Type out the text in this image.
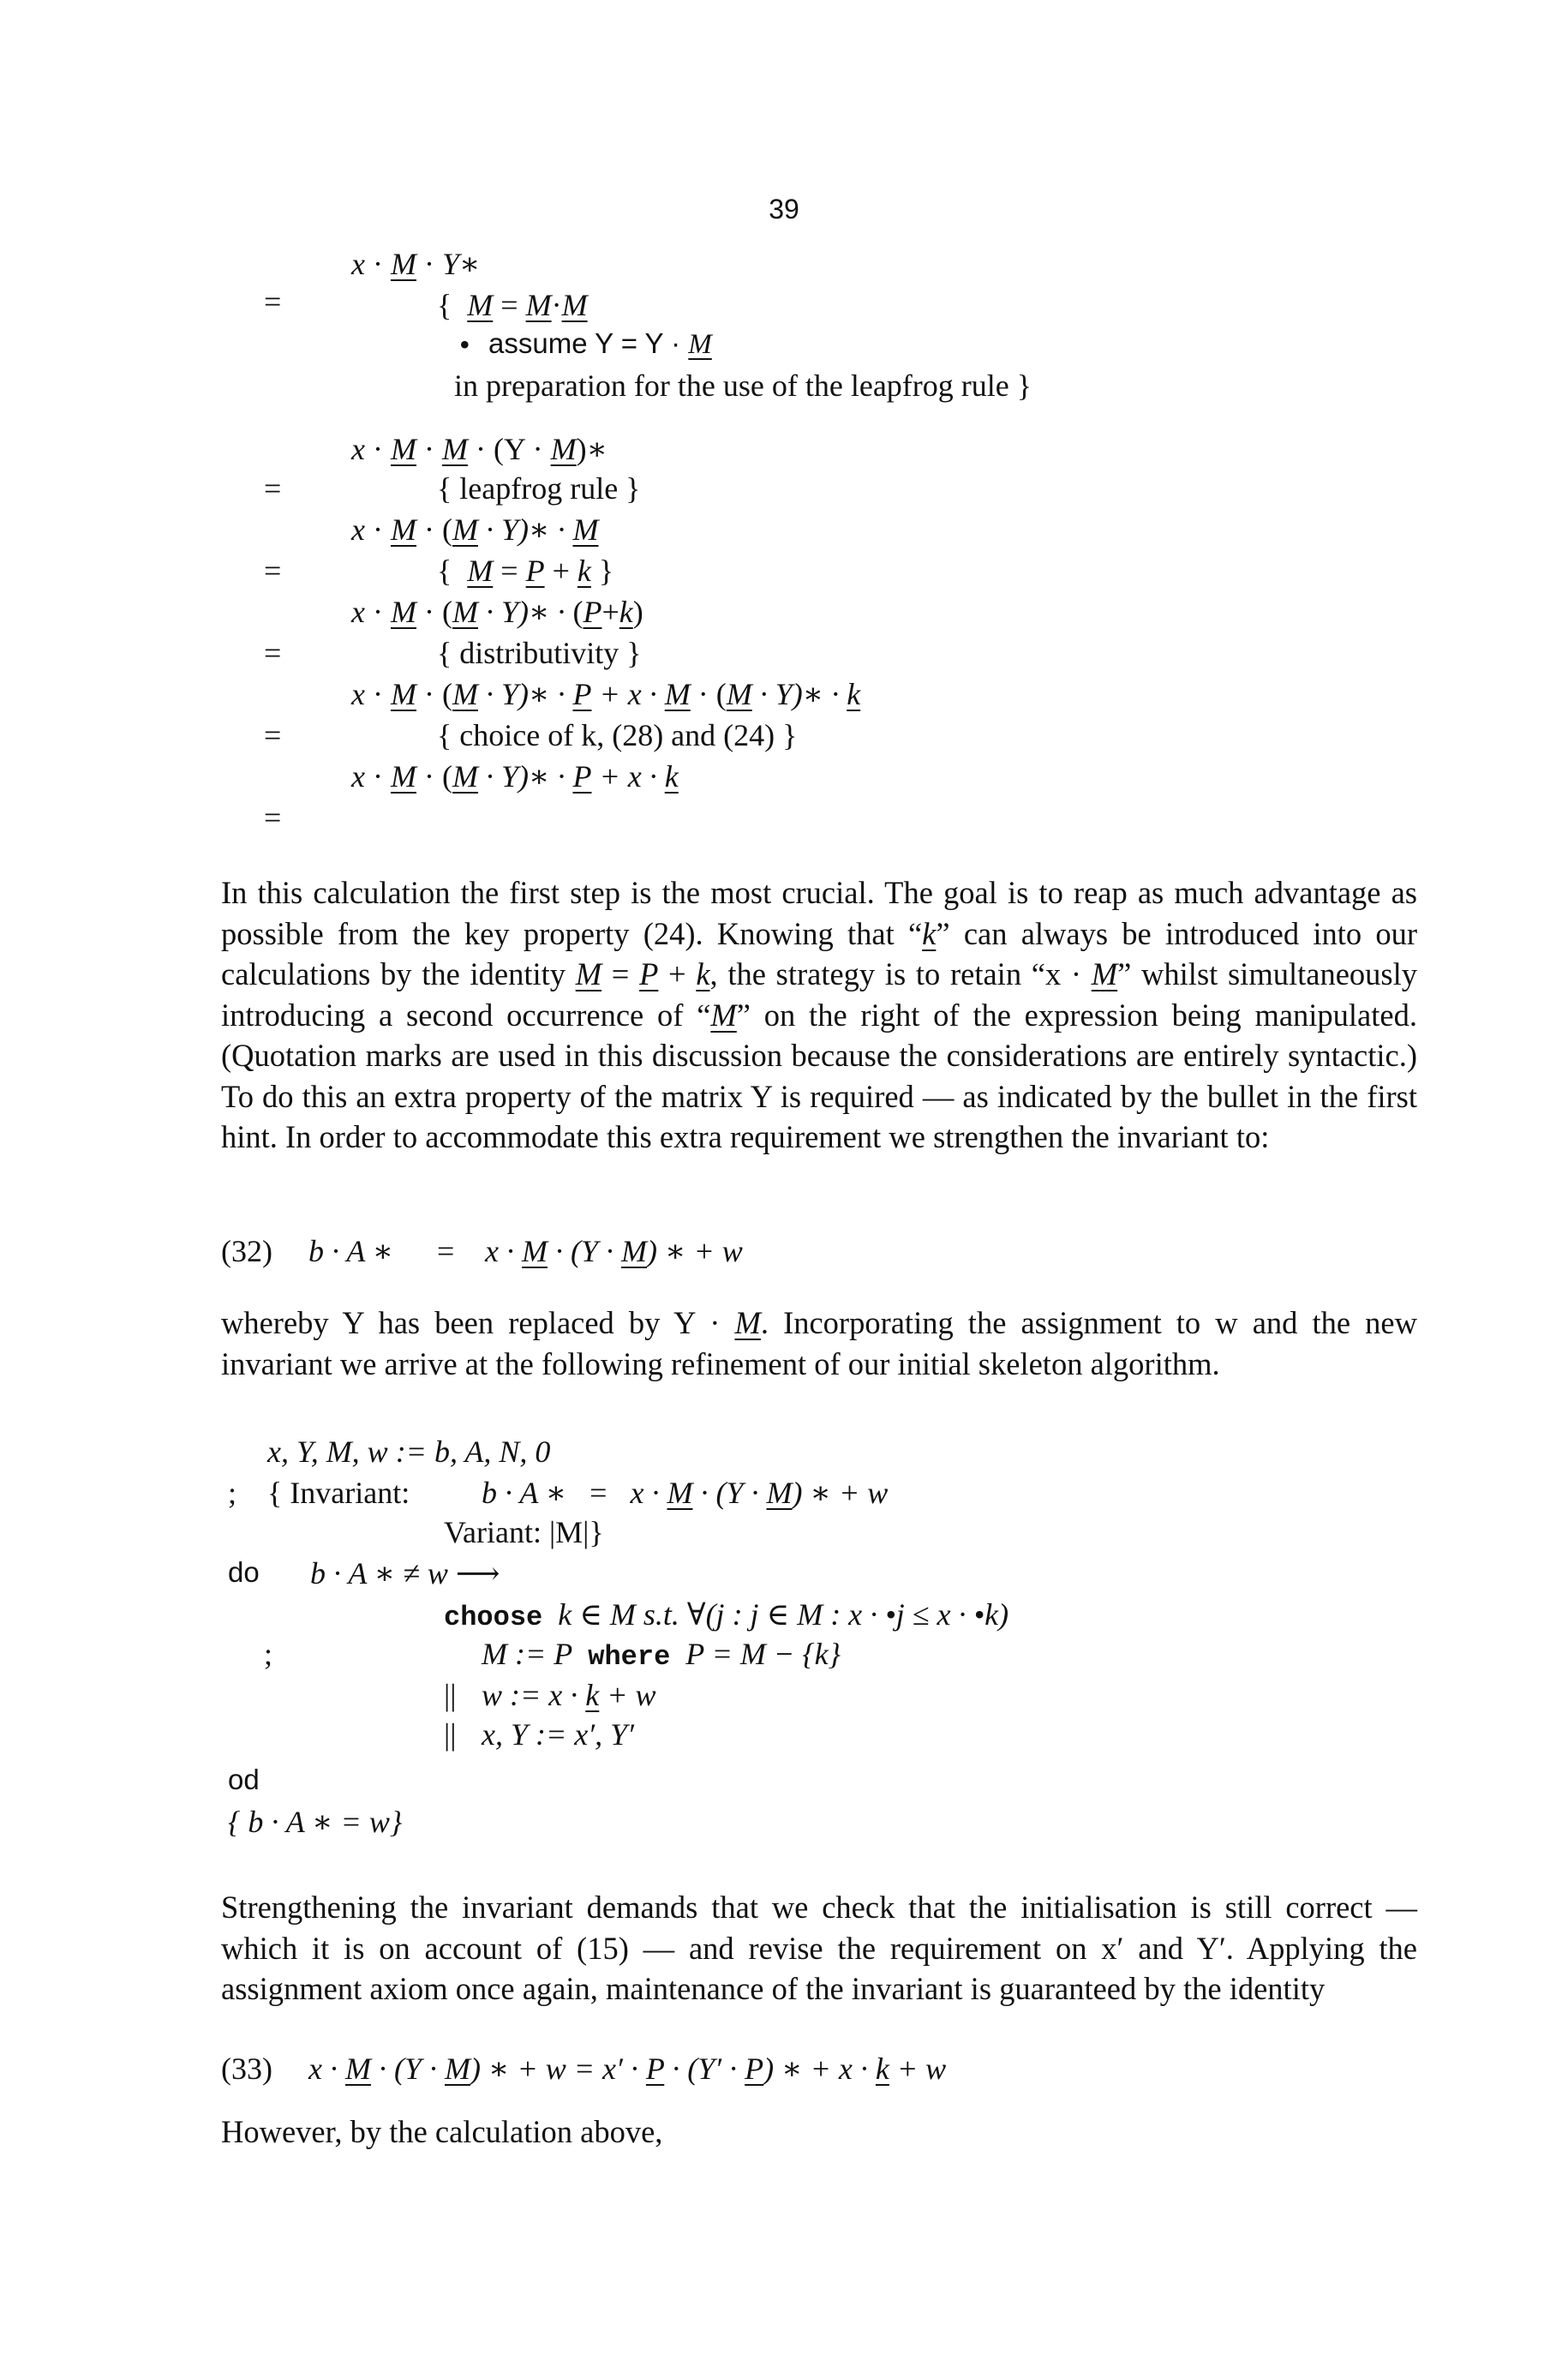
39
=
=
=
=
=
=
x · M · Y∗
{ M = M·M
• assume Y = Y · M
in preparation for the use of the leapfrog rule }
x · M · M · (Y · M)∗
{ leapfrog rule }
x · M · (M · Y)∗ · M
{ M = P + k }
x · M · (M · Y)∗ · (P+k)
{ distributivity }
x · M · (M · Y)∗ · P + x · M · (M · Y)∗ · k
{ choice of k, (28) and (24) }
x · M · (M · Y)∗ · P + x · k

In this calculation the first step is the most crucial. The goal is to reap as much advantage as possible from the key property (24). Knowing that “k” can always be introduced into our calculations by the identity M = P + k, the strategy is to retain “x · M” whilst simultaneously introducing a second occurrence of “M” on the right of the expression being manipulated. (Quotation marks are used in this discussion because the considerations are entirely syntactic.) To do this an extra property of the matrix Y is required — as indicated by the bullet in the first hint. In order to accommodate this extra requirement we strengthen the invariant to:

(32) b · A ∗ = x · M · (Y · M) ∗ + w

whereby Y has been replaced by Y · M. Incorporating the assignment to w and the new invariant we arrive at the following refinement of our initial skeleton algorithm.

x, Y, M, w := b, A, N, 0
; { Invariant: b · A ∗ = x · M · (Y · M) ∗ + w
Variant: |M|}
do b · A ∗ ≠ w ⟶
choose k ∈ M s.t. ∀(j : j ∈ M : x · •j ≤ x · •k)
;	M := P where P = M − {k}
|| w := x · k + w
|| x, Y := x′, Y′
od
{ b · A ∗ = w}

Strengthening the invariant demands that we check that the initialisation is still correct — which it is on account of (15) — and revise the requirement on x′ and Y′. Applying the assignment axiom once again, maintenance of the invariant is guaranteed by the identity

(33) x · M · (Y · M) ∗ + w = x′ · P · (Y′ · P) ∗ + x · k + w

However, by the calculation above,
